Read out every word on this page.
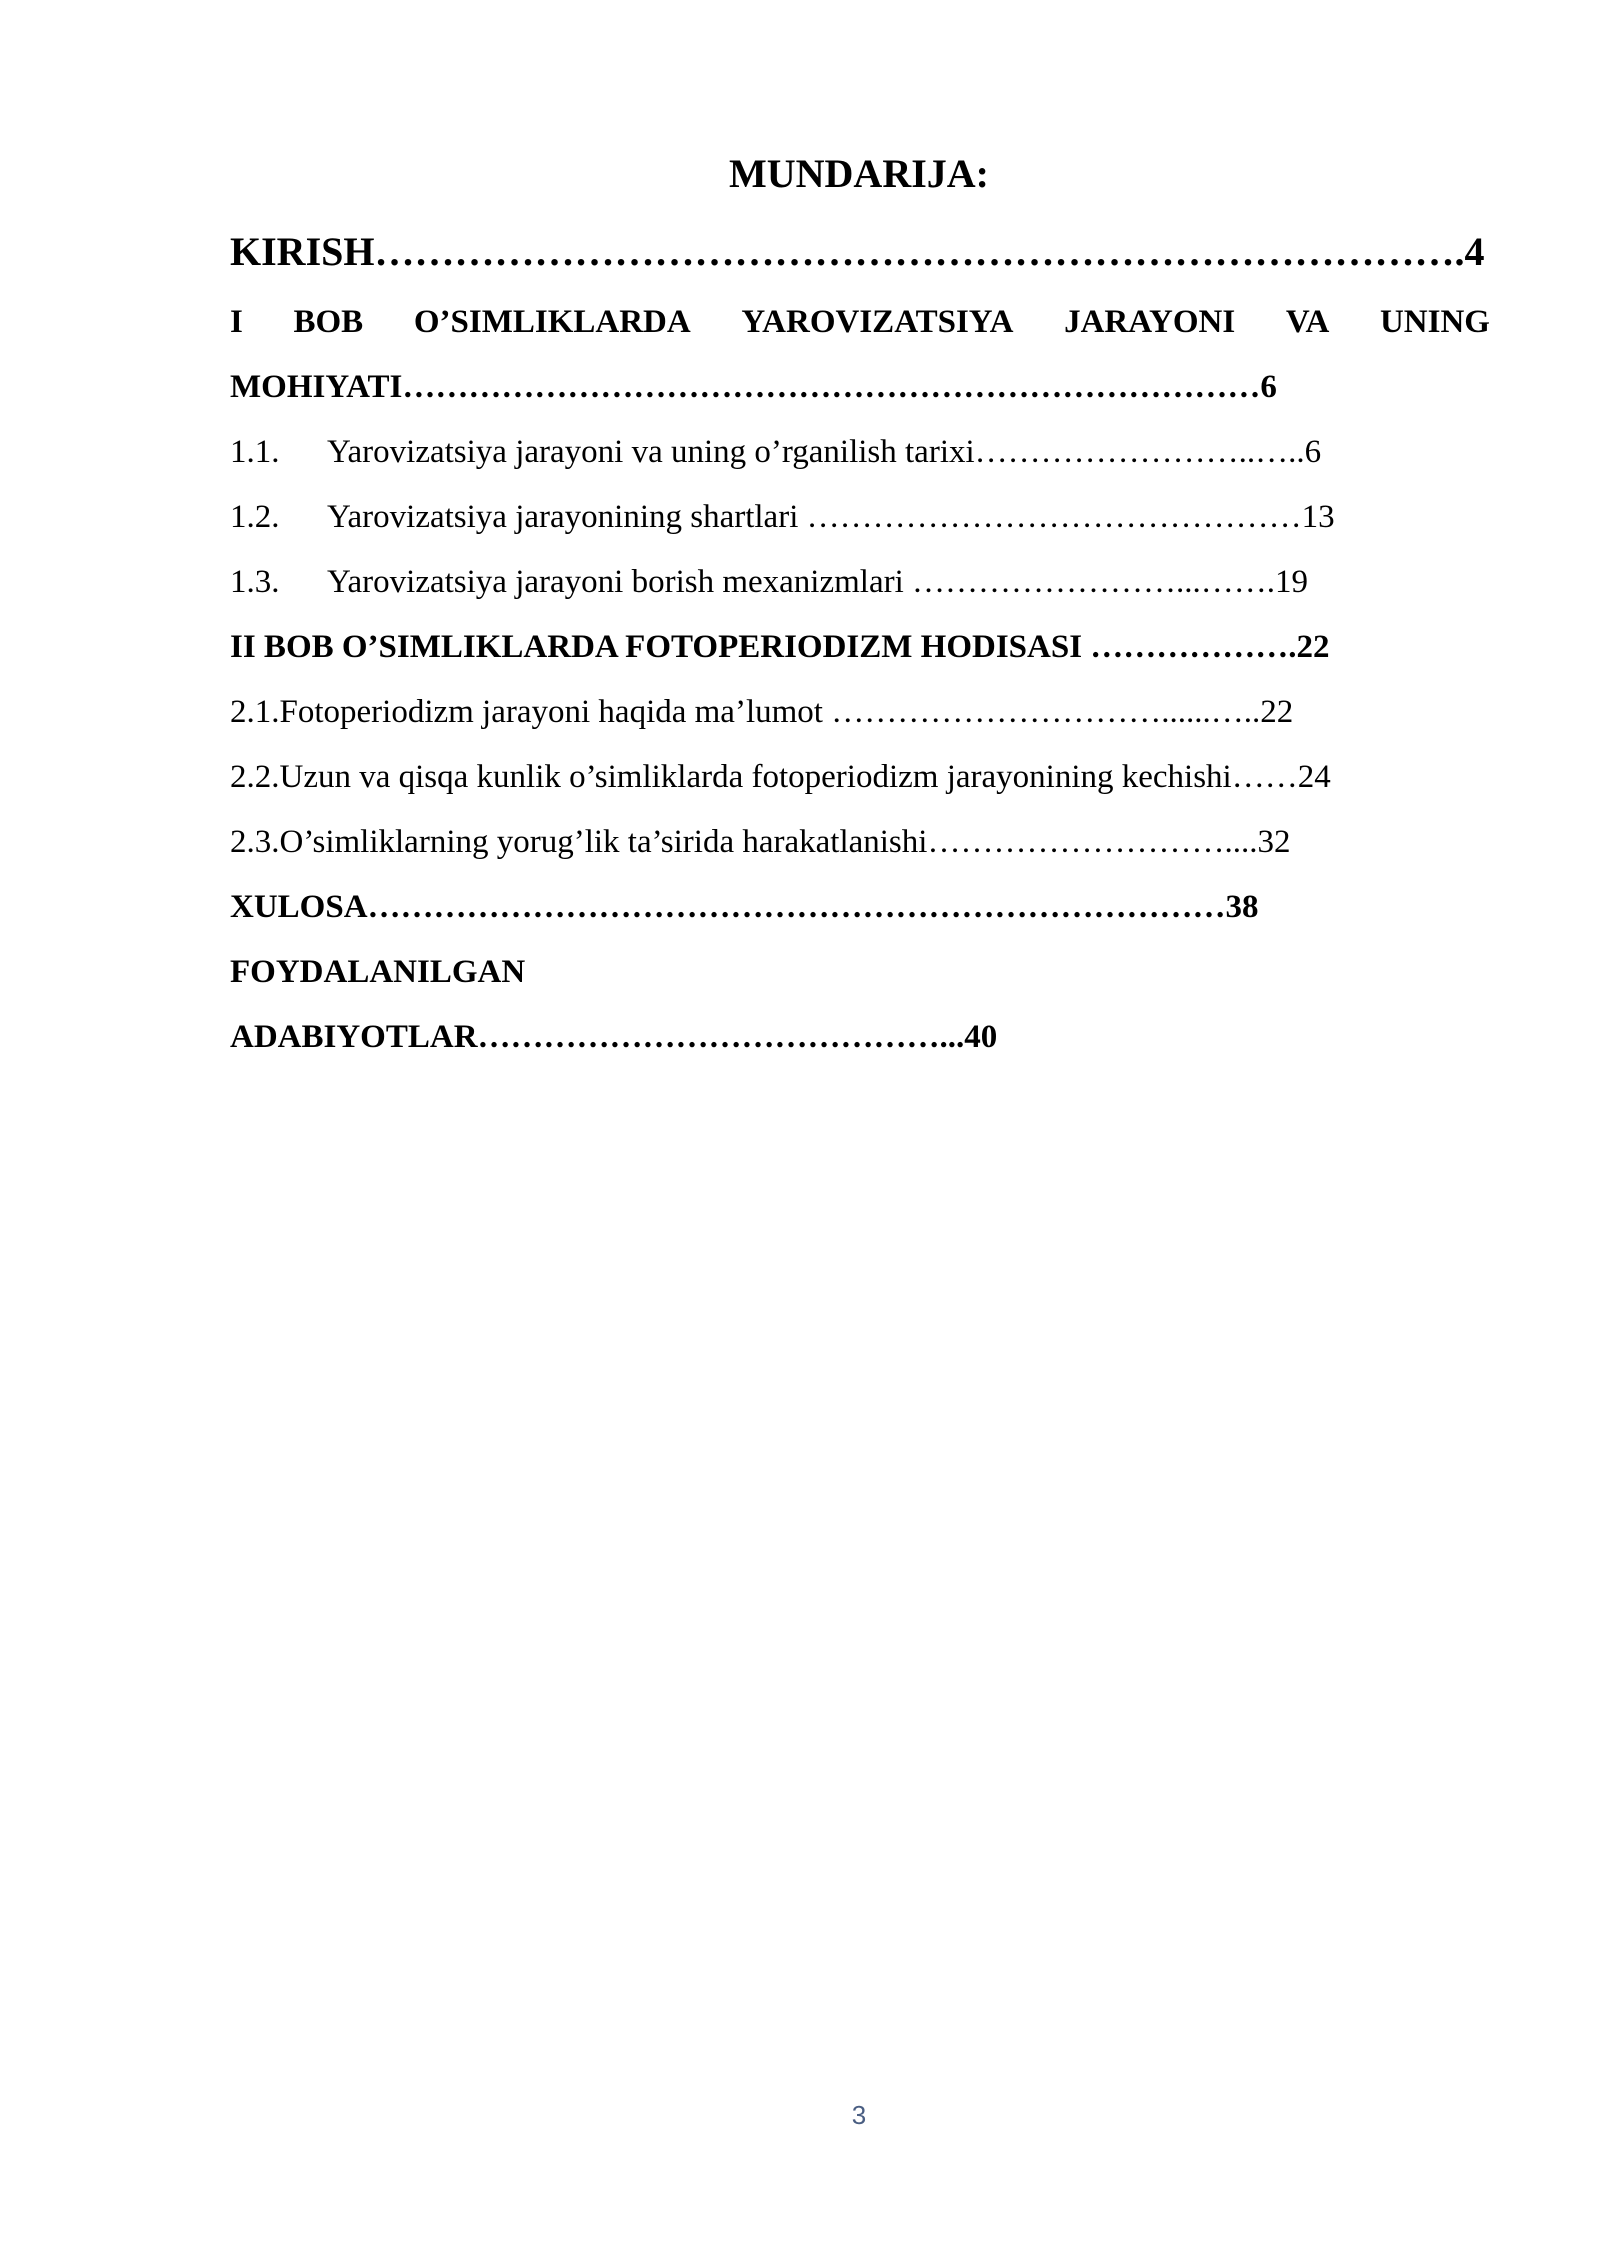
MUNDARIJA:
KIRISH……………………………………………………………………….4
I BOB O’SIMLIKLARDA YAROVIZATSIYA JARAYONI VA UNING
MOHIYATI……………………………………………………………………6
1.1. Yarovizatsiya jarayoni va uning o’rganilish tarixi……………………..…..6
1.2. Yarovizatsiya jarayonining shartlari ………………………………………13
1.3. Yarovizatsiya jarayoni borish mexanizmlari ……………………...…….19
II BOB O’SIMLIKLARDA FOTOPERIODIZM HODISASI ……………….22
2.1.Fotoperiodizm jarayoni haqida ma’lumot …………………………......…..22
2.2.Uzun va qisqa kunlik o’simliklarda fotoperiodizm jarayonining kechishi……24
2.3.O’simliklarning yorug’lik ta’sirida harakatlanishi………………………....32
XULOSA……………………………………………………………………38
FOYDALANILGAN
ADABIYOTLAR……………………………………...40
3
